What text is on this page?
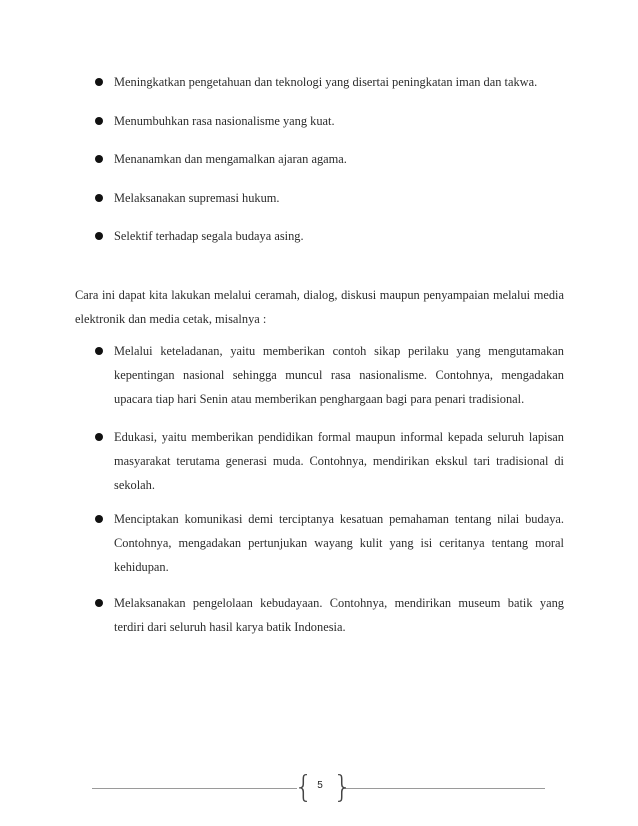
Meningkatkan pengetahuan dan teknologi yang disertai peningkatan iman dan takwa.
Menumbuhkan rasa nasionalisme yang kuat.
Menanamkan dan mengamalkan ajaran agama.
Melaksanakan supremasi hukum.
Selektif terhadap segala budaya asing.
Cara ini dapat kita lakukan melalui ceramah, dialog, diskusi maupun penyampaian melalui media elektronik dan media cetak, misalnya :
Melalui keteladanan, yaitu memberikan contoh sikap perilaku yang mengutamakan kepentingan nasional sehingga muncul rasa nasionalisme. Contohnya, mengadakan upacara tiap hari Senin atau memberikan penghargaan bagi para penari tradisional.
Edukasi, yaitu memberikan pendidikan formal maupun informal kepada seluruh lapisan masyarakat terutama generasi muda. Contohnya, mendirikan ekskul tari tradisional di sekolah.
Menciptakan komunikasi demi terciptanya kesatuan pemahaman tentang nilai budaya. Contohnya, mengadakan pertunjukan wayang kulit yang isi ceritanya tentang moral kehidupan.
Melaksanakan pengelolaan kebudayaan. Contohnya, mendirikan museum batik yang terdiri dari seluruh hasil karya batik Indonesia.
{ 5 }
